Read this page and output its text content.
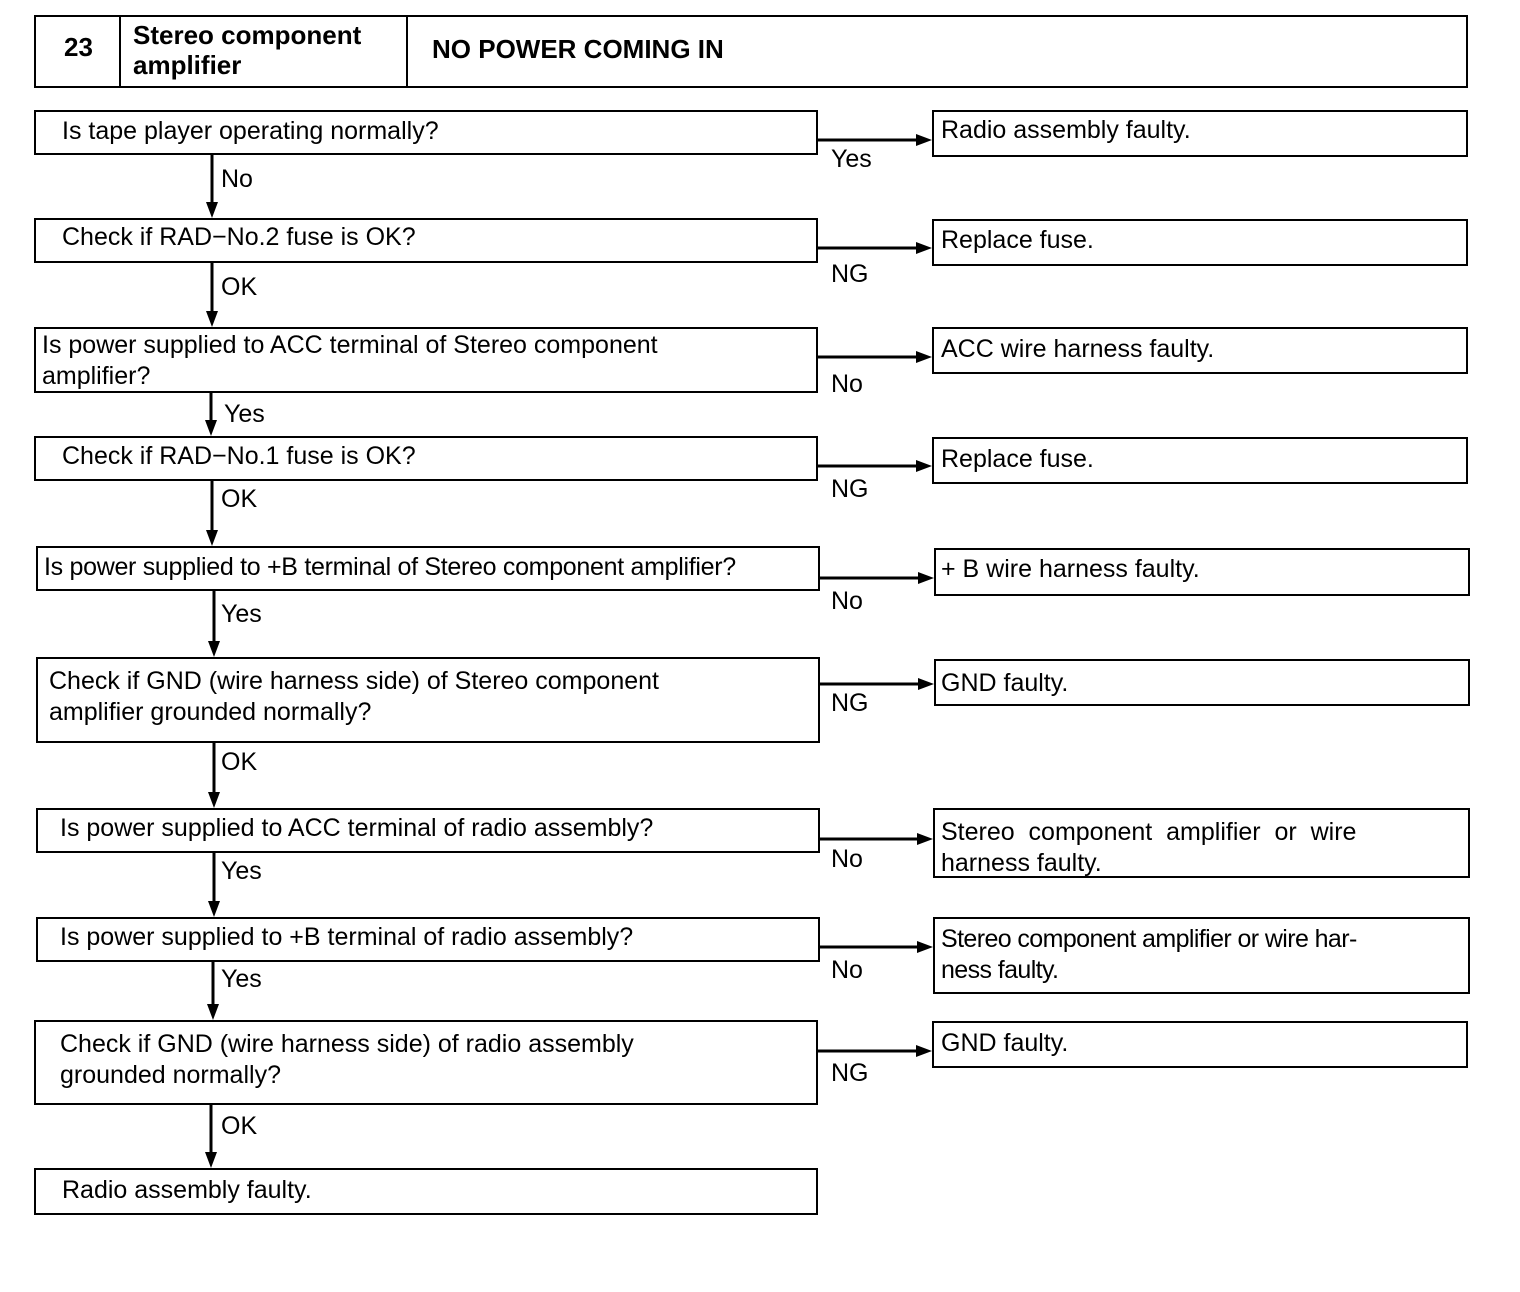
23 Stereo component
amplifier
NO POWER COMING IN
Is tape player operating normally?
Check if RAD−No.2 fuse is OK?
Is power supplied to ACC terminal of Stereo component
amplifier?
Check if RAD−No.1 fuse is OK?
Is power supplied to +B terminal of Stereo component amplifier?
Check if GND (wire harness side) of Stereo component
amplifier grounded normally?
Is power supplied to ACC terminal of radio assembly?
Is power supplied to +B terminal of radio assembly?
Check if GND (wire harness side) of radio assembly
grounded normally?
Radio assembly faulty.
Radio assembly faulty.
Replace fuse.
ACC wire harness faulty.
Replace fuse.
+ B wire harness faulty.
GND faulty.
Stereo  component  amplifier  or  wire
harness faulty.
Stereo component amplifier or wire har-
ness faulty.
GND faulty.
Yes
NG
No
NG
No
NG
No
No
NG
No
OK
Yes
OK
Yes
OK
Yes
Yes
OK
